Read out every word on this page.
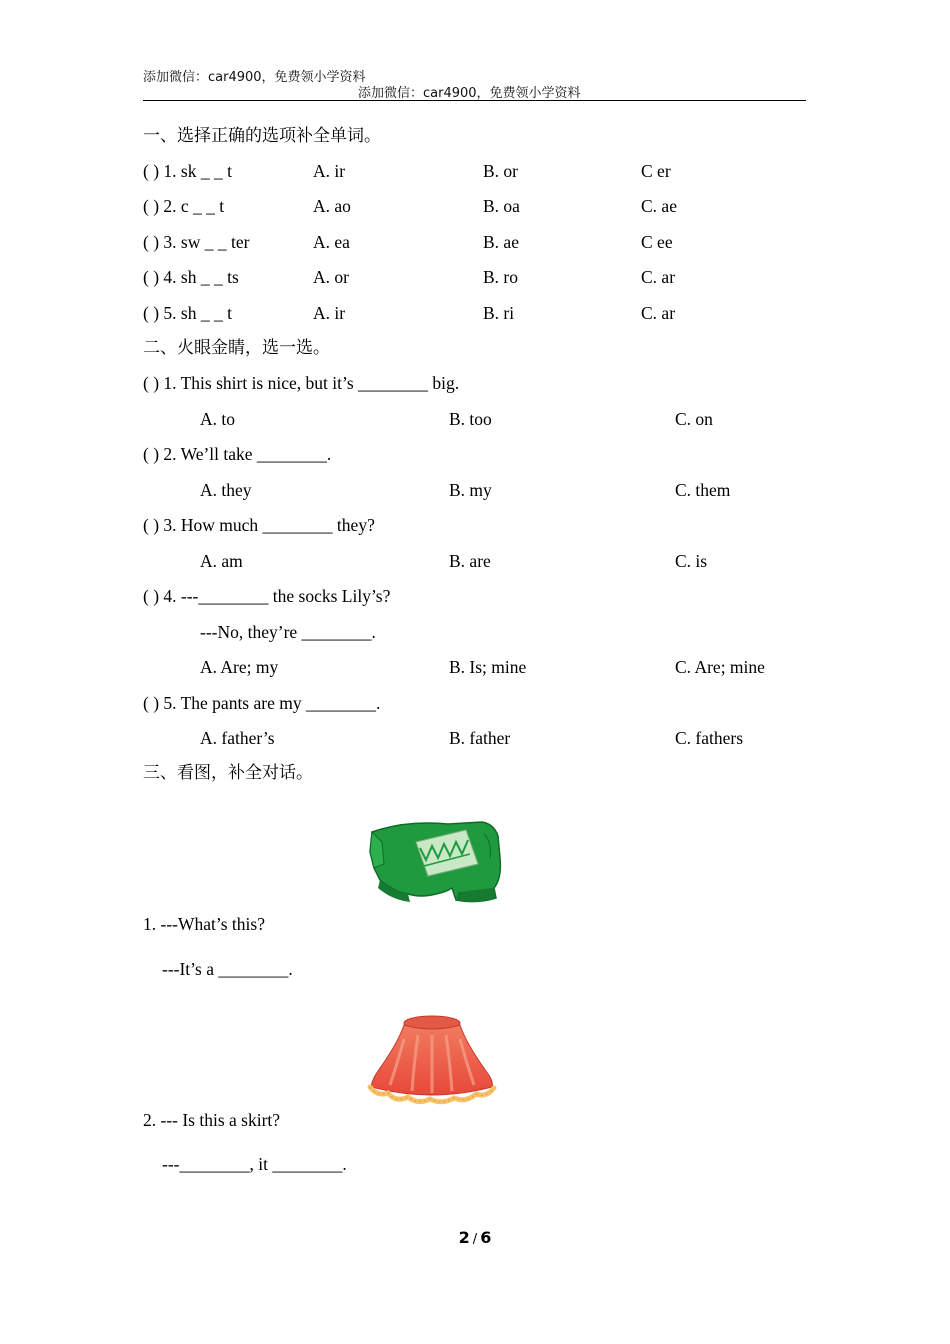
添加微信：car4900，免费领小学资料
添加微信：car4900，免费领小学资料
一、选择正确的选项补全单词。
( ) 1. sk _ _ t	A. ir	B. or	C er
( ) 2. c _ _ t	A. ao	B. oa	C. ae
( ) 3. sw _ _ ter	A. ea	B. ae	C ee
( ) 4. sh _ _ ts	A. or	B. ro	C. ar
( ) 5. sh _ _ t	A. ir	B. ri	C. ar
二、火眼金睛，选一选。
( ) 1. This shirt is nice, but it’s ________ big.
A. to	B. too	C. on
( ) 2. We’ll take ________.
A. they	B. my	C. them
( ) 3. How much ________ they?
A. am	B. are	C. is
( ) 4. ---________ the socks Lily’s?
---No, they’re ________.
A. Are; my	B. Is; mine	C. Are; mine
( ) 5. The pants are my ________.
A. father’s	B. father	C. fathers
三、看图，补全对话。
1. ---What’s this?
---It’s a ________.
2. --- Is this a skirt?
---________, it ________.
2 / 6
